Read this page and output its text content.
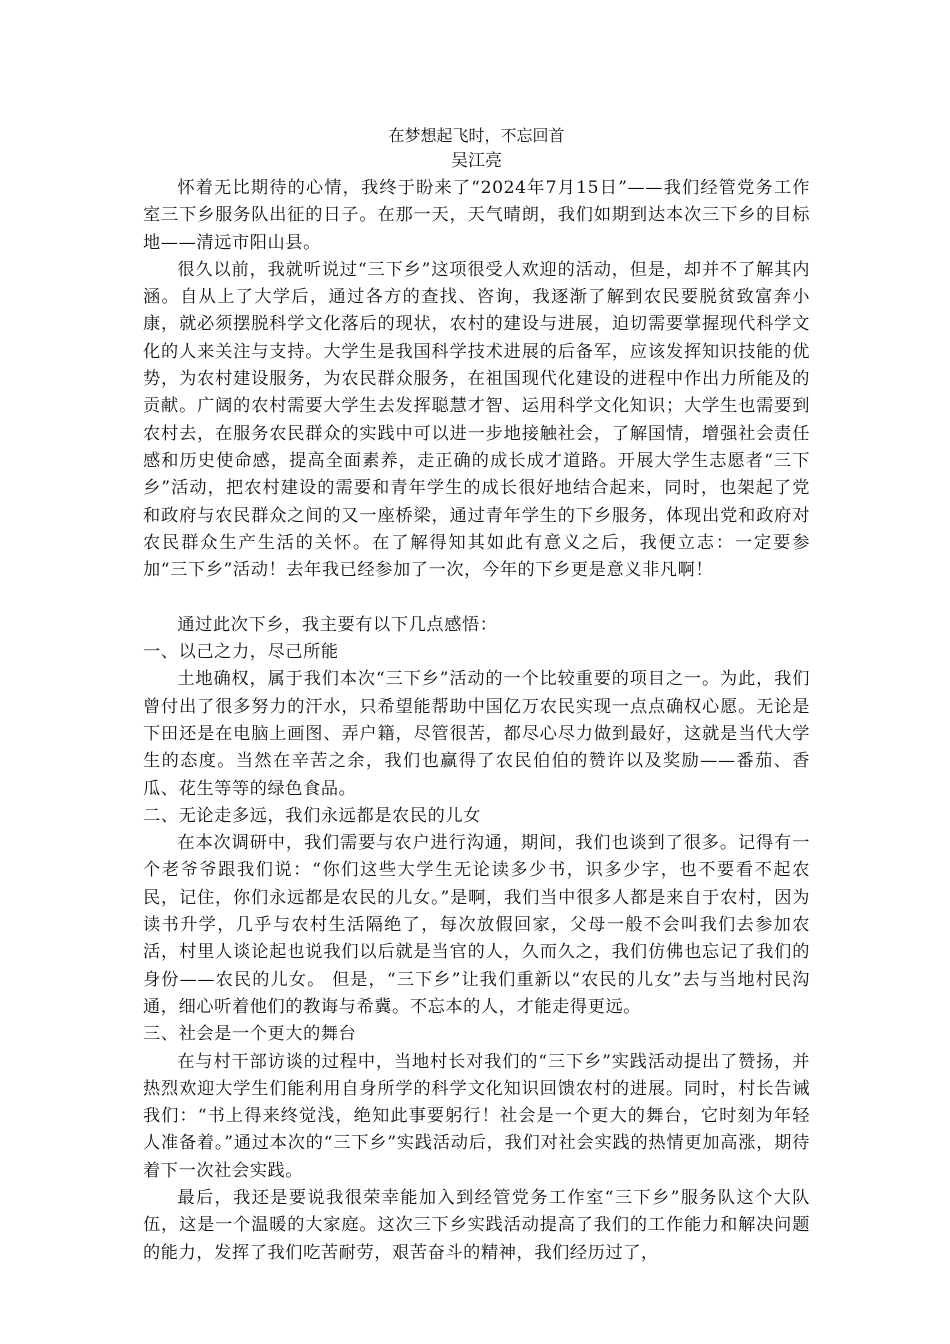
在梦想起飞时，不忘回首

吴江亮

怀着无比期待的心情，我终于盼来了“2024年7月15日”——我们经管党务工作室三下乡服务队出征的日子。在那一天，天气晴朗，我们如期到达本次三下乡的目标地——清远市阳山县。

很久以前，我就听说过“三下乡”这项很受人欢迎的活动，但是，却并不了解其内涵。自从上了大学后，通过各方的查找、咨询，我逐渐了解到农民要脱贫致富奔小康，就必须摆脱科学文化落后的现状，农村的建设与进展，迫切需要掌握现代科学文化的人来关注与支持。大学生是我国科学技术进展的后备军，应该发挥知识技能的优势，为农村建设服务，为农民群众服务，在祖国现代化建设的进程中作出力所能及的贡献。广阔的农村需要大学生去发挥聪慧才智、运用科学文化知识；大学生也需要到农村去，在服务农民群众的实践中可以进一步地接触社会，了解国情，增强社会责任感和历史使命感，提高全面素养，走正确的成长成才道路。开展大学生志愿者“三下乡”活动，把农村建设的需要和青年学生的成长很好地结合起来，同时，也架起了党和政府与农民群众之间的又一座桥梁，通过青年学生的下乡服务，体现出党和政府对农民群众生产生活的关怀。在了解得知其如此有意义之后，我便立志：一定要参加“三下乡”活动！去年我已经参加了一次，今年的下乡更是意义非凡啊！

通过此次下乡，我主要有以下几点感悟：

一、以己之力，尽己所能

土地确权，属于我们本次“三下乡”活动的一个比较重要的项目之一。为此，我们曾付出了很多努力的汗水，只希望能帮助中国亿万农民实现一点点确权心愿。无论是下田还是在电脑上画图、弄户籍，尽管很苦，都尽心尽力做到最好，这就是当代大学生的态度。当然在辛苦之余，我们也赢得了农民伯伯的赞许以及奖励——番茄、香瓜、花生等等的绿色食品。

二、无论走多远，我们永远都是农民的儿女

在本次调研中，我们需要与农户进行沟通，期间，我们也谈到了很多。记得有一个老爷爷跟我们说：“你们这些大学生无论读多少书，识多少字，也不要看不起农民，记住，你们永远都是农民的儿女。”是啊，我们当中很多人都是来自于农村，因为读书升学，几乎与农村生活隔绝了，每次放假回家，父母一般不会叫我们去参加农活，村里人谈论起也说我们以后就是当官的人，久而久之，我们仿佛也忘记了我们的身份——农民的儿女。 但是，“三下乡”让我们重新以“农民的儿女”去与当地村民沟通，细心听着他们的教诲与希冀。不忘本的人，才能走得更远。

三、社会是一个更大的舞台

在与村干部访谈的过程中，当地村长对我们的“三下乡”实践活动提出了赞扬，并热烈欢迎大学生们能利用自身所学的科学文化知识回馈农村的进展。同时，村长告诫我们：“书上得来终觉浅，绝知此事要躬行！社会是一个更大的舞台，它时刻为年轻人准备着。”通过本次的“三下乡”实践活动后，我们对社会实践的热情更加高涨，期待着下一次社会实践。

最后，我还是要说我很荣幸能加入到经管党务工作室“三下乡”服务队这个大队伍，这是一个温暖的大家庭。这次三下乡实践活动提高了我们的工作能力和解决问题的能力，发挥了我们吃苦耐劳，艰苦奋斗的精神，我们经历过了，
